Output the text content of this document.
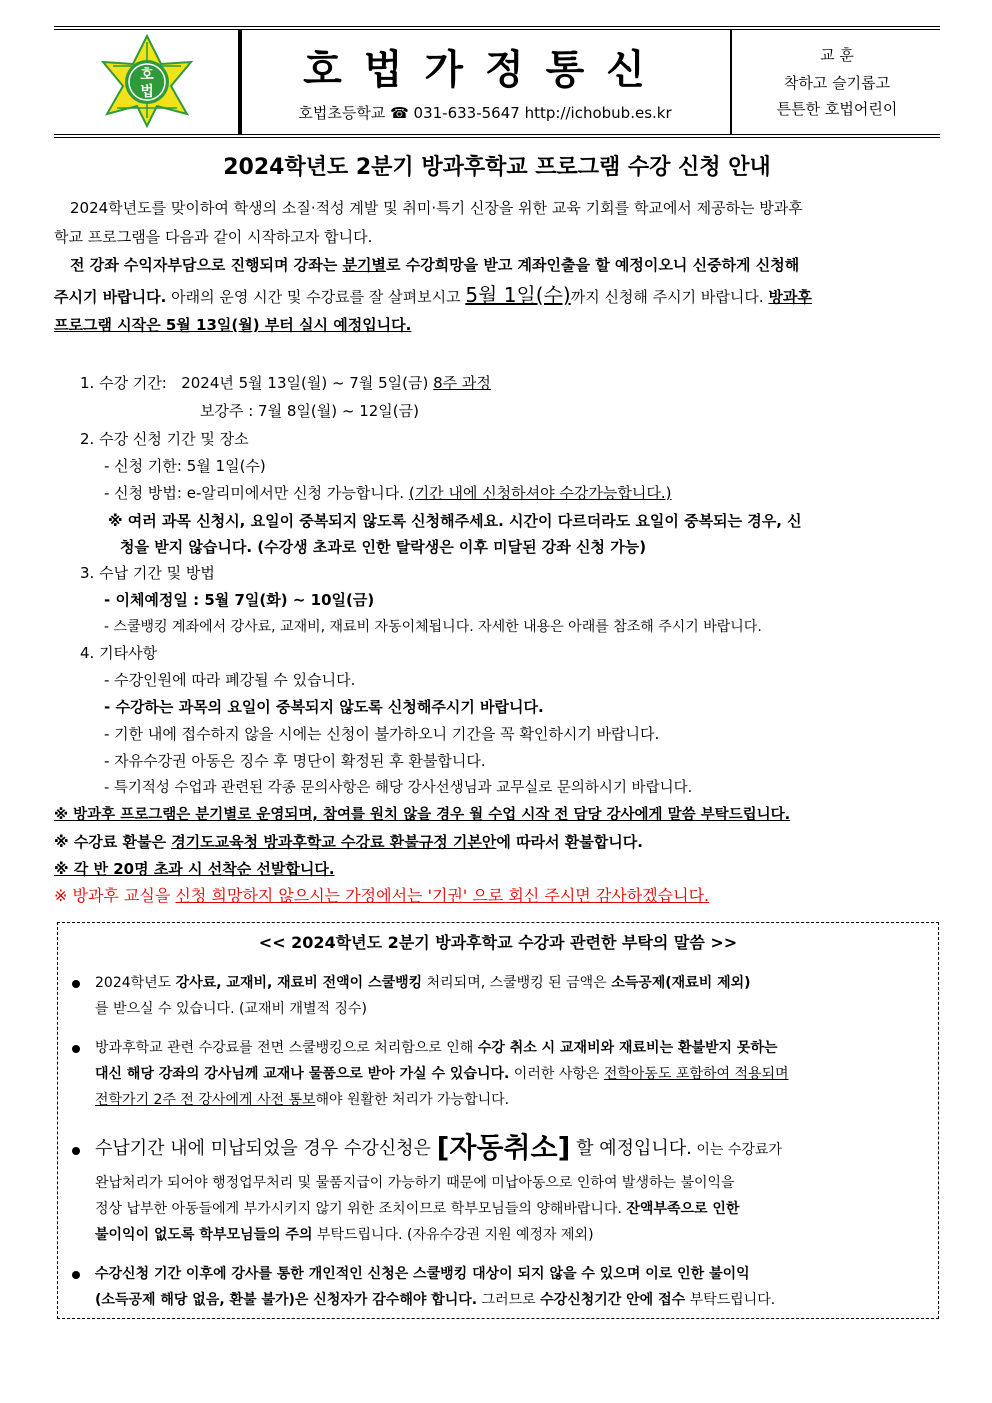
호
법	호법가정통신
호법초등학교 ☎ 031-633-5647 http://ichobub.es.kr
교 훈
착하고 슬기롭고
튼튼한 호법어린이
2024학년도 2분기 방과후학교 프로그램 수강 신청 안내
2024학년도를 맞이하여 학생의 소질·적성 계발 및 취미·특기 신장을 위한 교육 기회를 학교에서 제공하는 방과후
학교 프로그램을 다음과 같이 시작하고자 합니다.
전 강좌 수익자부담으로 진행되며 강좌는 분기별로 수강희망을 받고 계좌인출을 할 예정이오니 신중하게 신청해
주시기 바랍니다. 아래의 운영 시간 및 수강료를 잘 살펴보시고 5월 1일(수)까지 신청해 주시기 바랍니다. 방과후
프로그램 시작은 5월 13일(월) 부터 실시 예정입니다.
1. 수강 기간: 2024년 5월 13일(월) ~ 7월 5일(금) 8주 과정
보강주 : 7월 8일(월) ~ 12일(금)
2. 수강 신청 기간 및 장소
- 신청 기한: 5월 1일(수)
- 신청 방법: e-알리미에서만 신청 가능합니다. (기간 내에 신청하셔야 수강가능합니다.)
※ 여러 과목 신청시, 요일이 중복되지 않도록 신청해주세요. 시간이 다르더라도 요일이 중복되는 경우, 신
청을 받지 않습니다. (수강생 초과로 인한 탈락생은 이후 미달된 강좌 신청 가능)
3. 수납 기간 및 방법
- 이체예정일 : 5월 7일(화) ~ 10일(금)
- 스쿨뱅킹 계좌에서 강사료, 교재비, 재료비 자동이체됩니다. 자세한 내용은 아래를 참조해 주시기 바랍니다.
4. 기타사항
- 수강인원에 따라 폐강될 수 있습니다.
- 수강하는 과목의 요일이 중복되지 않도록 신청해주시기 바랍니다.
- 기한 내에 접수하지 않을 시에는 신청이 불가하오니 기간을 꼭 확인하시기 바랍니다.
- 자유수강권 아동은 징수 후 명단이 확정된 후 환불합니다.
- 특기적성 수업과 관련된 각종 문의사항은 해당 강사선생님과 교무실로 문의하시기 바랍니다.
※ 방과후 프로그램은 분기별로 운영되며, 참여를 원치 않을 경우 월 수업 시작 전 담당 강사에게 말씀 부탁드립니다.
※ 수강료 환불은 경기도교육청 방과후학교 수강료 환불규정 기본안에 따라서 환불합니다.
※ 각 반 20명 초과 시 선착순 선발합니다.
※ 방과후 교실을 신청 희망하지 않으시는 가정에서는 '기권' 으로 회신 주시면 감사하겠습니다.
<< 2024학년도 2분기 방과후학교 수강과 관련한 부탁의 말씀 >>
2024학년도 강사료, 교재비, 재료비 전액이 스쿨뱅킹 처리되며, 스쿨뱅킹 된 금액은 소득공제(재료비 제외)
를 받으실 수 있습니다. (교재비 개별적 징수)
방과후학교 관련 수강료를 전면 스쿨뱅킹으로 처리함으로 인해 수강 취소 시 교재비와 재료비는 환불받지 못하는
대신 해당 강좌의 강사님께 교재나 물품으로 받아 가실 수 있습니다. 이러한 사항은 전학아동도 포함하여 적용되며
전학가기 2주 전 강사에게 사전 통보해야 원활한 처리가 가능합니다.
수납기간 내에 미납되었을 경우 수강신청은 [자동취소] 할 예정입니다. 이는 수강료가
완납처리가 되어야 행정업무처리 및 물품지급이 가능하기 때문에 미납아동으로 인하여 발생하는 불이익을
정상 납부한 아동들에게 부가시키지 않기 위한 조치이므로 학부모님들의 양해바랍니다. 잔액부족으로 인한
불이익이 없도록 학부모님들의 주의 부탁드립니다. (자유수강권 지원 예정자 제외)
수강신청 기간 이후에 강사를 통한 개인적인 신청은 스쿨뱅킹 대상이 되지 않을 수 있으며 이로 인한 불이익
(소득공제 해당 없음, 환불 불가)은 신청자가 감수해야 합니다. 그러므로 수강신청기간 안에 접수 부탁드립니다.
